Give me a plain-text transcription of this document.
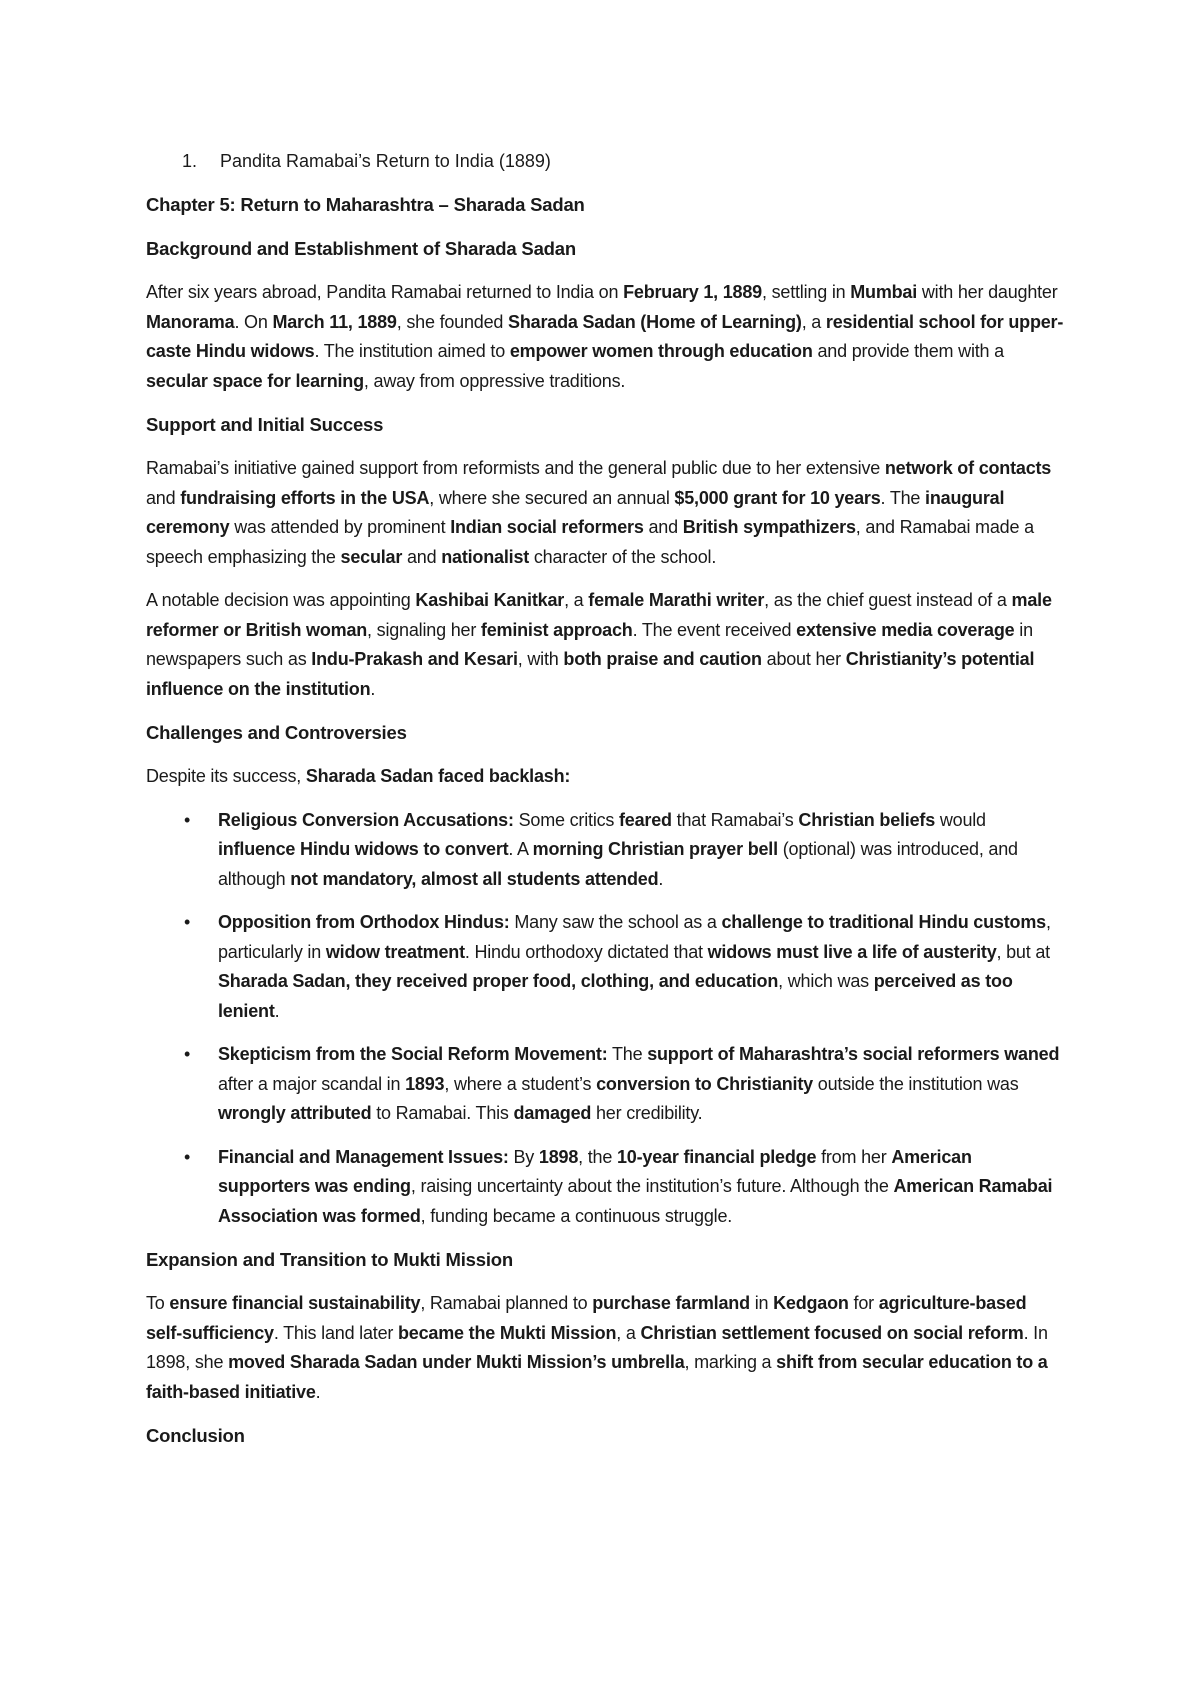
1.	Pandita Ramabai’s Return to India (1889)
Chapter 5: Return to Maharashtra – Sharada Sadan
Background and Establishment of Sharada Sadan

After six years abroad, Pandita Ramabai returned to India on February 1, 1889, settling in Mumbai with her daughter Manorama. On March 11, 1889, she founded Sharada Sadan (Home of Learning), a residential school for upper-caste Hindu widows. The institution aimed to empower women through education and provide them with a secular space for learning, away from oppressive traditions.

Support and Initial Success

Ramabai’s initiative gained support from reformists and the general public due to her extensive network of contacts and fundraising efforts in the USA, where she secured an annual $5,000 grant for 10 years. The inaugural ceremony was attended by prominent Indian social reformers and British sympathizers, and Ramabai made a speech emphasizing the secular and nationalist character of the school.

A notable decision was appointing Kashibai Kanitkar, a female Marathi writer, as the chief guest instead of a male reformer or British woman, signaling her feminist approach. The event received extensive media coverage in newspapers such as Indu-Prakash and Kesari, with both praise and caution about her Christianity’s potential influence on the institution.

Challenges and Controversies

Despite its success, Sharada Sadan faced backlash:

• Religious Conversion Accusations: Some critics feared that Ramabai’s Christian beliefs would influence Hindu widows to convert. A morning Christian prayer bell (optional) was introduced, and although not mandatory, almost all students attended.
• Opposition from Orthodox Hindus: Many saw the school as a challenge to traditional Hindu customs, particularly in widow treatment. Hindu orthodoxy dictated that widows must live a life of austerity, but at Sharada Sadan, they received proper food, clothing, and education, which was perceived as too lenient.
• Skepticism from the Social Reform Movement: The support of Maharashtra’s social reformers waned after a major scandal in 1893, where a student’s conversion to Christianity outside the institution was wrongly attributed to Ramabai. This damaged her credibility.
• Financial and Management Issues: By 1898, the 10-year financial pledge from her American supporters was ending, raising uncertainty about the institution’s future. Although the American Ramabai Association was formed, funding became a continuous struggle.
Expansion and Transition to Mukti Mission

To ensure financial sustainability, Ramabai planned to purchase farmland in Kedgaon for agriculture-based self-sufficiency. This land later became the Mukti Mission, a Christian settlement focused on social reform. In 1898, she moved Sharada Sadan under Mukti Mission’s umbrella, marking a shift from secular education to a faith-based initiative.

Conclusion
